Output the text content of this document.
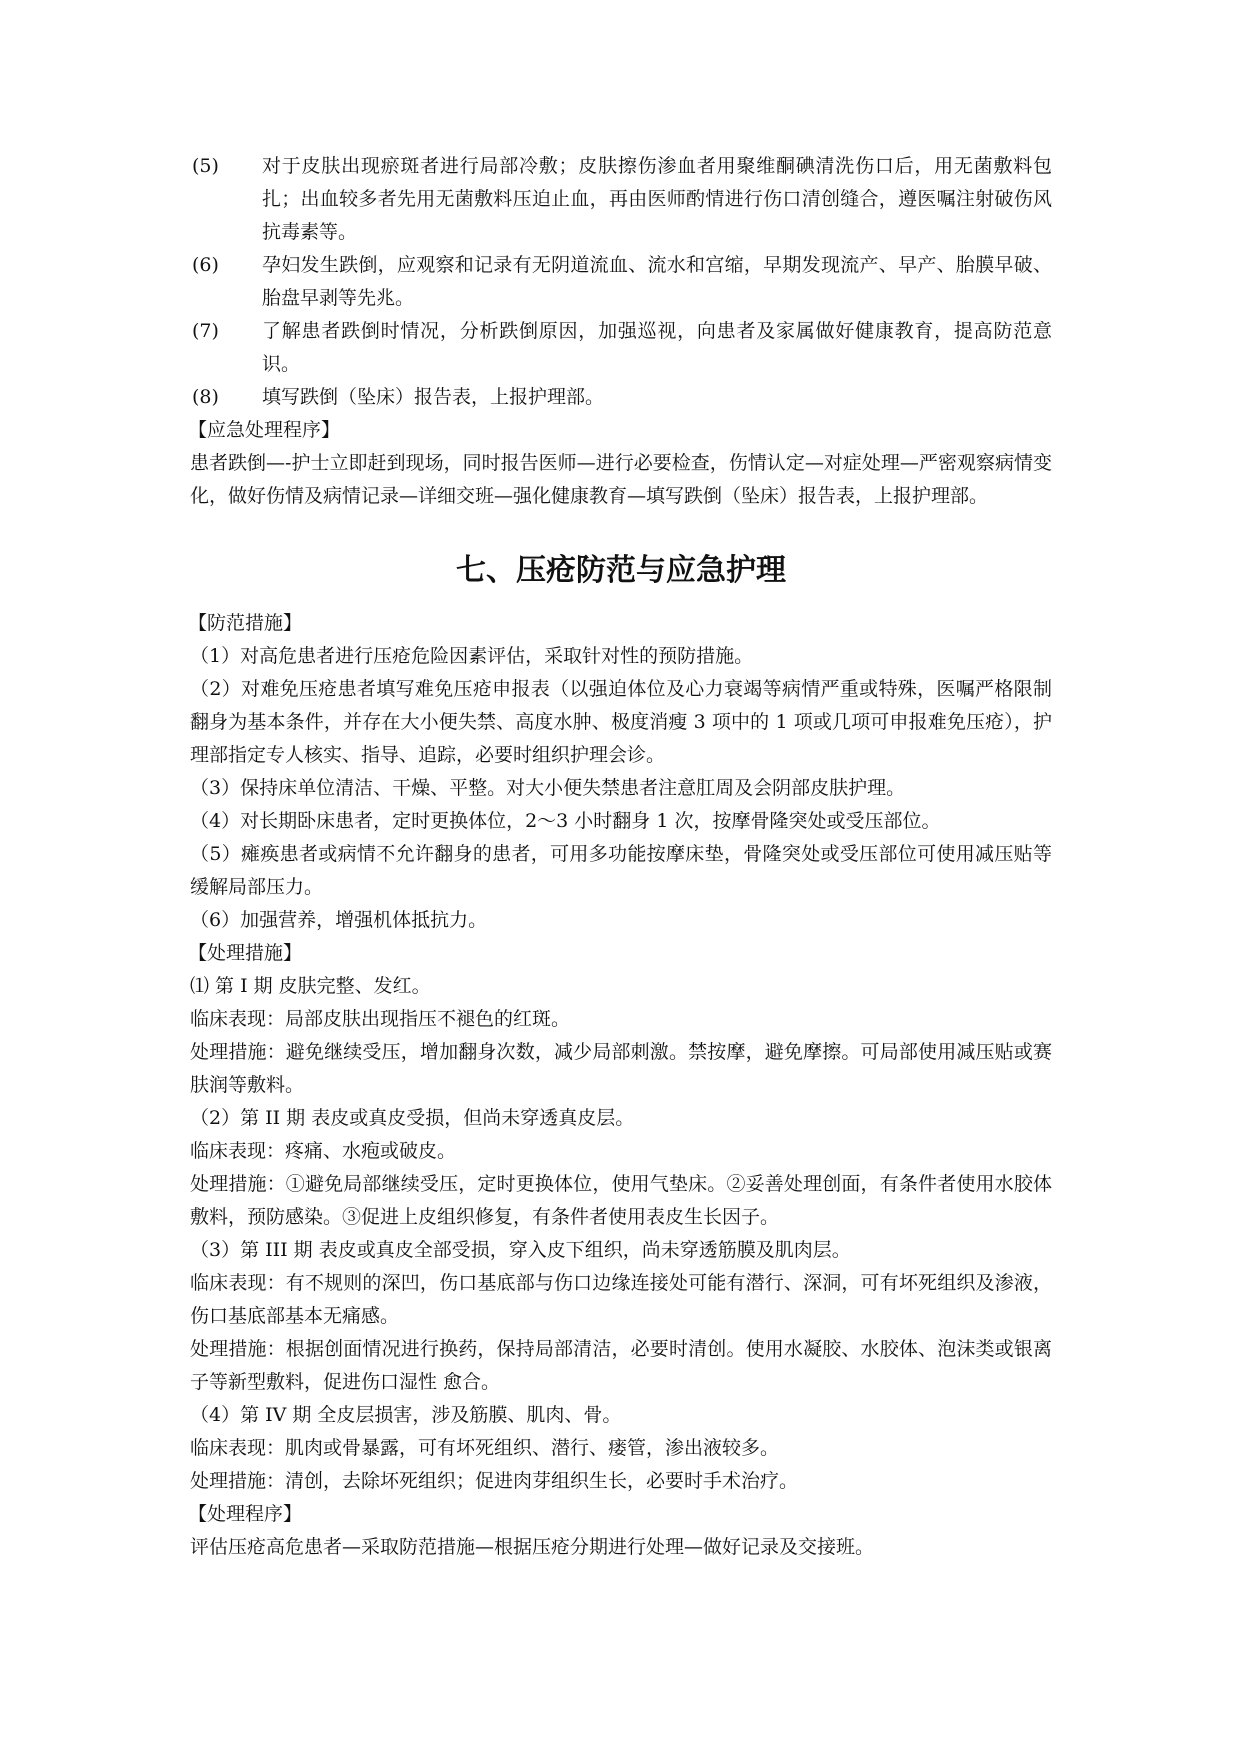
(5)	对于皮肤出现瘀斑者进行局部冷敷；皮肤擦伤渗血者用聚维酮碘清洗伤口后，用无菌敷料包扎；出血较多者先用无菌敷料压迫止血，再由医师酌情进行伤口清创缝合，遵医嘱注射破伤风抗毒素等。
(6)	孕妇发生跌倒，应观察和记录有无阴道流血、流水和宫缩，早期发现流产、早产、胎膜早破、胎盘早剥等先兆。
(7)	了解患者跌倒时情况，分析跌倒原因，加强巡视，向患者及家属做好健康教育，提高防范意识。
(8)	填写跌倒（坠床）报告表，上报护理部。
【应急处理程序】
患者跌倒—-护士立即赶到现场，同时报告医师—进行必要检查，伤情认定—对症处理—严密观察病情变化，做好伤情及病情记录—详细交班—强化健康教育—填写跌倒（坠床）报告表，上报护理部。
七、压疮防范与应急护理
【防范措施】
（1）对高危患者进行压疮危险因素评估，采取针对性的预防措施。
（2）对难免压疮患者填写难免压疮申报表（以强迫体位及心力衰竭等病情严重或特殊，医嘱严格限制翻身为基本条件，并存在大小便失禁、高度水肿、极度消瘦 3 项中的 1 项或几项可申报难免压疮），护理部指定专人核实、指导、追踪，必要时组织护理会诊。
（3）保持床单位清洁、干燥、平整。对大小便失禁患者注意肛周及会阴部皮肤护理。
（4）对长期卧床患者，定时更换体位，2～3 小时翻身 1 次，按摩骨隆突处或受压部位。
（5）瘫痪患者或病情不允许翻身的患者，可用多功能按摩床垫，骨隆突处或受压部位可使用减压贴等缓解局部压力。
（6）加强营养，增强机体抵抗力。
【处理措施】
⑴ 第 I 期 皮肤完整、发红。
临床表现：局部皮肤出现指压不褪色的红斑。
处理措施：避免继续受压，增加翻身次数，减少局部刺激。禁按摩，避免摩擦。可局部使用减压贴或赛肤润等敷料。
（2）第 II 期 表皮或真皮受损，但尚未穿透真皮层。
临床表现：疼痛、水疱或破皮。
处理措施：①避免局部继续受压，定时更换体位，使用气垫床。②妥善处理创面，有条件者使用水胶体敷料，预防感染。③促进上皮组织修复，有条件者使用表皮生长因子。
（3）第 III 期 表皮或真皮全部受损，穿入皮下组织，尚未穿透筋膜及肌肉层。
临床表现：有不规则的深凹，伤口基底部与伤口边缘连接处可能有潜行、深洞，可有坏死组织及渗液，伤口基底部基本无痛感。
处理措施：根据创面情况进行换药，保持局部清洁，必要时清创。使用水凝胶、水胶体、泡沫类或银离子等新型敷料，促进伤口湿性 愈合。
（4）第 IV 期 全皮层损害，涉及筋膜、肌肉、骨。
临床表现：肌肉或骨暴露，可有坏死组织、潜行、瘘管，渗出液较多。
处理措施：清创，去除坏死组织；促进肉芽组织生长，必要时手术治疗。
【处理程序】
评估压疮高危患者—采取防范措施—根据压疮分期进行处理—做好记录及交接班。
